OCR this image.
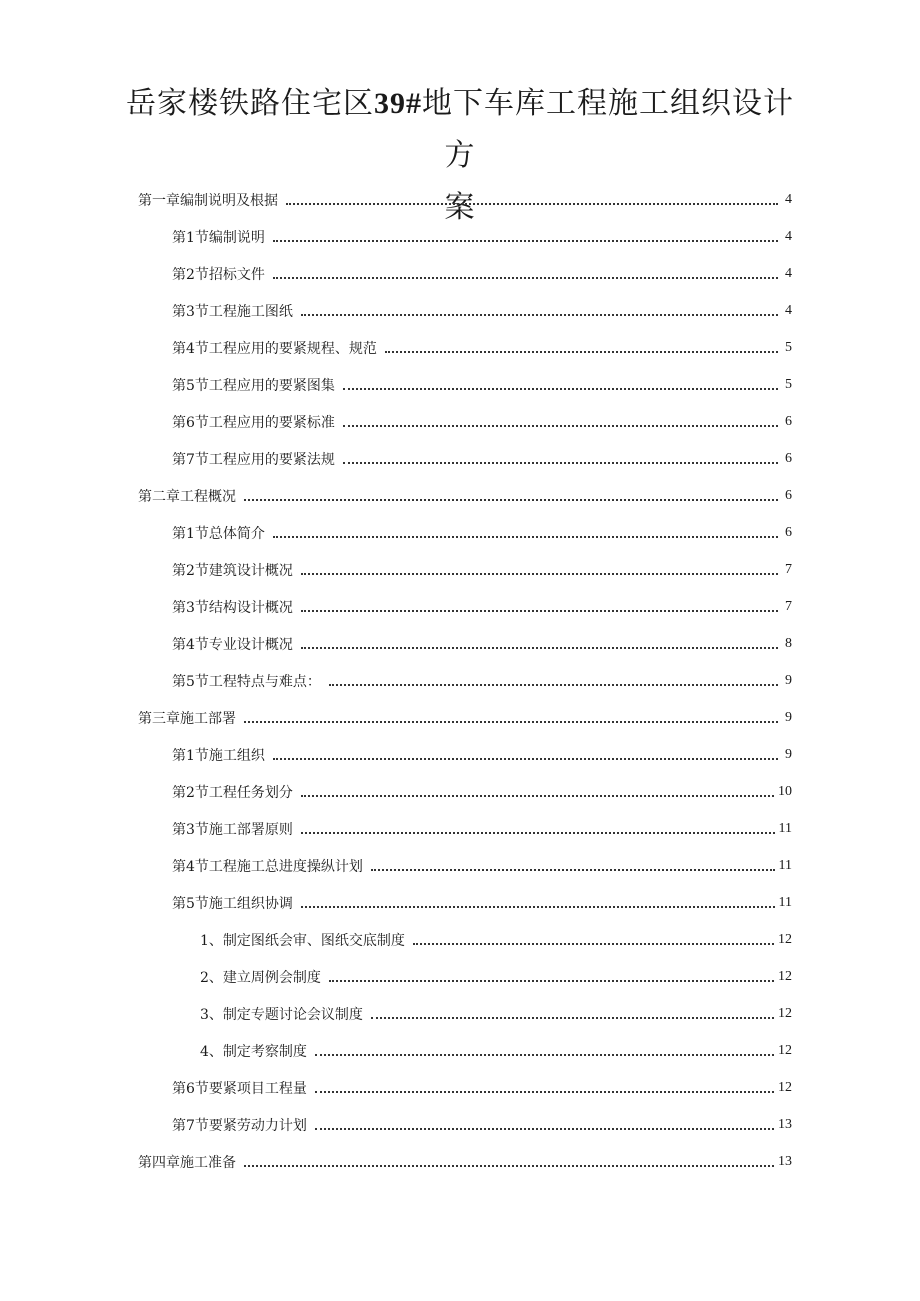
岳家楼铁路住宅区39#地下车库工程施工组织设计方
案
第一章编制说明及根据	4
第1节编制说明	4
第2节招标文件	4
第3节工程施工图纸	4
第4节工程应用的要紧规程、规范	5
第5节工程应用的要紧图集	5
第6节工程应用的要紧标准	6
第7节工程应用的要紧法规	6
第二章工程概况	6
第1节总体简介	6
第2节建筑设计概况	7
第3节结构设计概况	7
第4节专业设计概况	8
第5节工程特点与难点：	9
第三章施工部署	9
第1节施工组织	9
第2节工程任务划分	10
第3节施工部署原则	11
第4节工程施工总进度操纵计划	11
第5节施工组织协调	11
1、制定图纸会审、图纸交底制度	12
2、建立周例会制度	12
3、制定专题讨论会议制度	12
4、制定考察制度	12
第6节要紧项目工程量	12
第7节要紧劳动力计划	13
第四章施工准备	13
